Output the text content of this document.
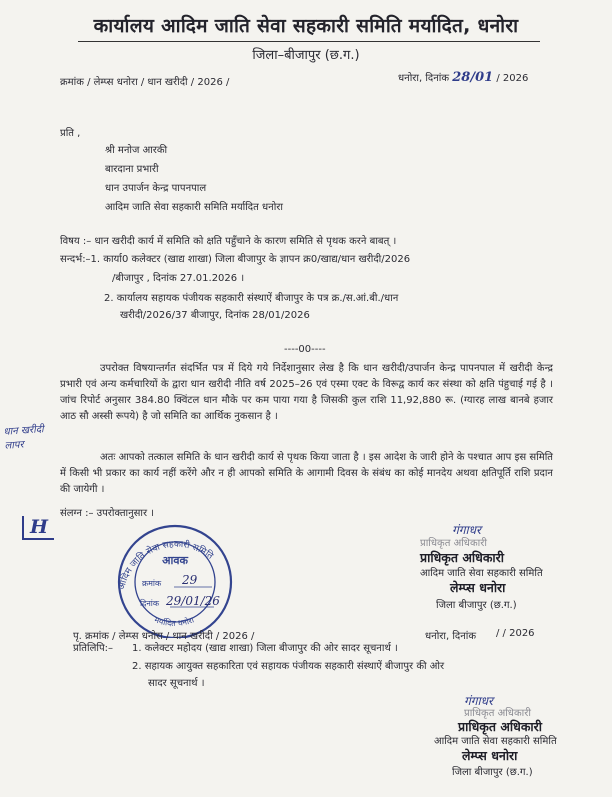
कार्यालय आदिम जाति सेवा सहकारी समिति मर्यादित, धनोरा
जिला–बीजापुर (छ.ग.)
क्रमांक / लेम्प्स धनोरा / धान खरीदी / 2026 /	धनोरा, दिनांक 28/01 / 2026
प्रति ,
श्री मनोज आरकी
बारदाना प्रभारी
धान उपार्जन केन्द्र पापनपाल
आदिम जाति सेवा सहकारी समिति मर्यादित धनोरा
विषय :– धान खरीदी कार्य में समिति को क्षति पहुँचाने के कारण समिति से पृथक करने बाबत् ।
सन्दर्भ:–1. कार्या0 कलेक्टर (खाद्य शाखा) जिला बीजापुर के ज्ञापन क्र0/खाद्य/धान खरीदी/2026
/बीजापुर , दिनांक 27.01.2026 ।
2. कार्यालय सहायक पंजीयक सहकारी संस्थाऐं बीजापुर के पत्र क्र./स.आं.बी./धान
खरीदी/2026/37 बीजापुर, दिनांक 28/01/2026
----00----
उपरोक्त विषयान्तर्गत संदर्भित पत्र में दिये गये निर्देशानुसार लेख है कि धान खरीदी/उपार्जन केन्द्र पापनपाल में खरीदी केन्द्र प्रभारी एवं अन्य कर्मचारियों के द्वारा धान खरीदी नीति वर्ष 2025–26 एवं एस्मा एक्ट के विरूद्व कार्य कर संस्था को क्षति पंहुचाई गई है । जांच रिपोर्ट अनुसार 384.80 क्विंटल धान मौके पर कम पाया गया है जिसकी कुल राशि 11,92,880 रू. (ग्यारह लाख बानबे हजार आठ सौ अस्सी रूपये) है जो समिति का आर्थिक नुकसान है ।
अतः आपको तत्काल समिति के धान खरीदी कार्य से पृथक किया जाता है । इस आदेश के जारी होने के पश्चात आप इस समिति में किसी भी प्रकार का कार्य नहीं करेंगे और न ही आपको समिति के आगामी दिवस के संबंध का कोई मानदेय अथवा क्षतिपूर्ति राशि प्रदान की जायेगी ।
संलग्न :– उपरोक्तानुसार ।
धान खरीदी लापर
H
आदिम जाति सेवा सहकारी समिति
मर्यादित धनोरा
आवक
क्रमांक 29
दिनांक 29/01/26
गंगाधर
प्राधिकृत अधिकारी
प्राधिकृत अधिकारी
आदिम जाति सेवा सहकारी समिति
लेम्प्स धनोरा
जिला बीजापुर (छ.ग.)
पृ. क्रमांक / लेम्प्स धनोरा / धान खरीदी / 2026 /	धनोरा, दिनांक / / 2026
प्रतिलिपि:– 1. कलेक्टर महोदय (खाद्य शाखा) जिला बीजापुर की ओर सादर सूचनार्थ ।
2. सहायक आयुक्त सहकारिता एवं सहायक पंजीयक सहकारी संस्थाऐं बीजापुर की ओर
सादर सूचनार्थ ।
गंगाधर
प्राधिकृत अधिकारी
प्राधिकृत अधिकारी
आदिम जाति सेवा सहकारी समिति
लेम्प्स धनोरा
जिला बीजापुर (छ.ग.)
